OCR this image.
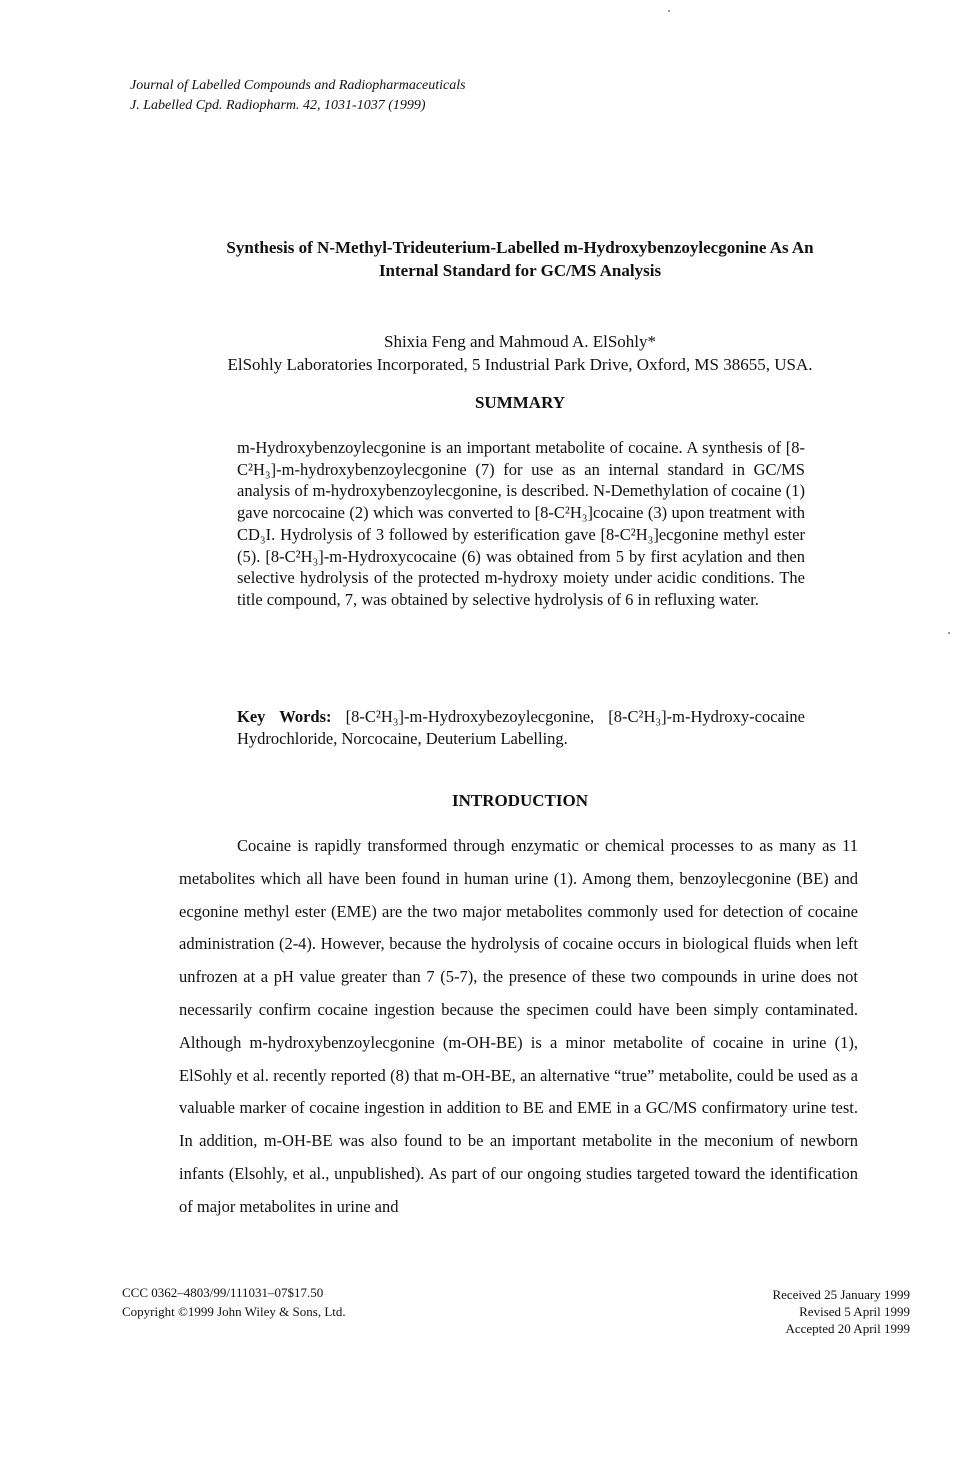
Journal of Labelled Compounds and Radiopharmaceuticals
J. Labelled Cpd. Radiopharm. 42, 1031-1037 (1999)
Synthesis of N-Methyl-Trideuterium-Labelled m-Hydroxybenzoylecgonine As An
Internal Standard for GC/MS Analysis
Shixia Feng and Mahmoud A. ElSohly*
ElSohly Laboratories Incorporated, 5 Industrial Park Drive, Oxford, MS 38655, USA.
SUMMARY

m-Hydroxybenzoylecgonine is an important metabolite of cocaine. A synthesis of [8-C²H₃]-m-hydroxybenzoylecgonine (7) for use as an internal standard in GC/MS analysis of m-hydroxybenzoylecgonine, is described. N-Demethylation of cocaine (1) gave norcocaine (2) which was converted to [8-C²H₃]cocaine (3) upon treatment with CD₃I. Hydrolysis of 3 followed by esterification gave [8-C²H₃]ecgonine methyl ester (5). [8-C²H₃]-m-Hydroxycocaine (6) was obtained from 5 by first acylation and then selective hydrolysis of the protected m-hydroxy moiety under acidic conditions. The title compound, 7, was obtained by selective hydrolysis of 6 in refluxing water.

Key Words: [8-C²H₃]-m-Hydroxybezoylecgonine, [8-C²H₃]-m-Hydroxy-cocaine Hydrochloride, Norcocaine, Deuterium Labelling.
INTRODUCTION

Cocaine is rapidly transformed through enzymatic or chemical processes to as many as 11 metabolites which all have been found in human urine (1). Among them, benzoylecgonine (BE) and ecgonine methyl ester (EME) are the two major metabolites commonly used for detection of cocaine administration (2-4). However, because the hydrolysis of cocaine occurs in biological fluids when left unfrozen at a pH value greater than 7 (5-7), the presence of these two compounds in urine does not necessarily confirm cocaine ingestion because the specimen could have been simply contaminated. Although m-hydroxybenzoylecgonine (m-OH-BE) is a minor metabolite of cocaine in urine (1), ElSohly et al. recently reported (8) that m-OH-BE, an alternative “true” metabolite, could be used as a valuable marker of cocaine ingestion in addition to BE and EME in a GC/MS confirmatory urine test. In addition, m-OH-BE was also found to be an important metabolite in the meconium of newborn infants (Elsohly, et al., unpublished). As part of our ongoing studies targeted toward the identification of major metabolites in urine and

CCC 0362–4803/99/111031–07$17.50
Copyright ©1999 John Wiley & Sons, Ltd.
Received 25 January 1999
Revised 5 April 1999
Accepted 20 April 1999
